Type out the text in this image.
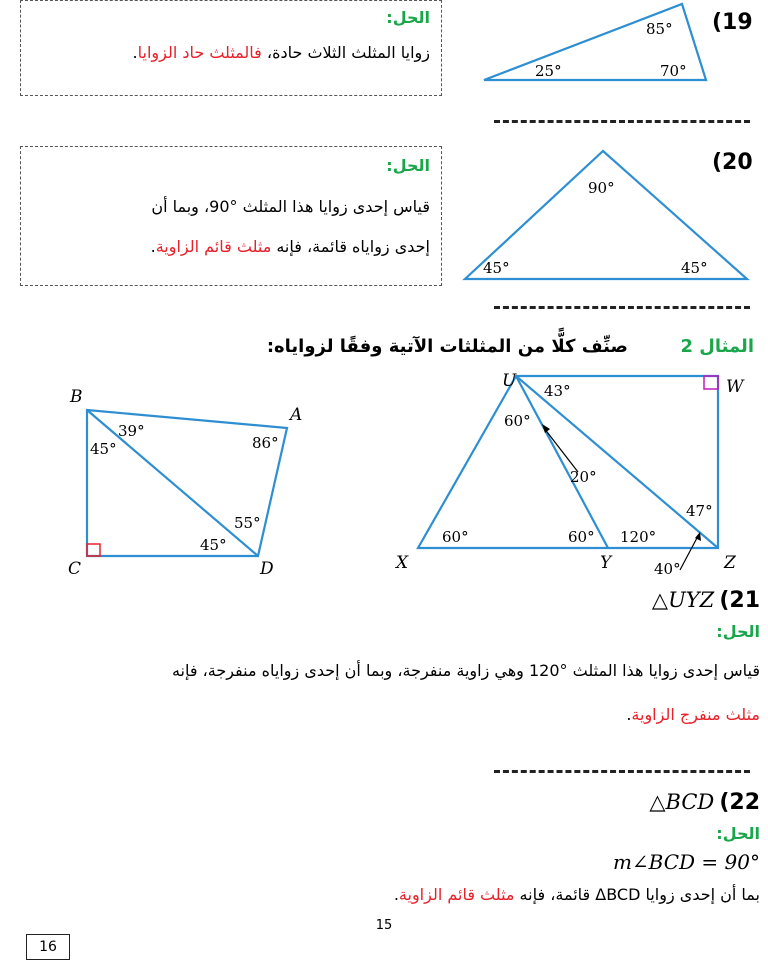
(19
الحل:
زوايا المثلث الثلاث حادة، فالمثلث حاد الزوايا.
85°
25°	70°
(20
الحل:
قياس إحدى زوايا هذا المثلث °90، وبما أن
إحدى زواياه قائمة، فإنه مثلث قائم الزاوية.
90°
45°	45°
المثال 2  صنِّف كلًّا من المثلثات الآتية وفقًا لزواياه:
B
A
C	D
39°
45°	86°
55°
45°
U	W
X	Y	Z
43°
60°
20°
47°
60°	60° 120°
40°
△UYZ (21
الحل:
قياس إحدى زوايا هذا المثلث °120 وهي زاوية منفرجة، وبما أن إحدى زواياه منفرجة، فإنه
مثلث منفرج الزاوية.
△BCD (22
الحل:
m∠BCD = 90°
بما أن إحدى زوايا ΔBCD قائمة، فإنه مثلث قائم الزاوية.
15
16
